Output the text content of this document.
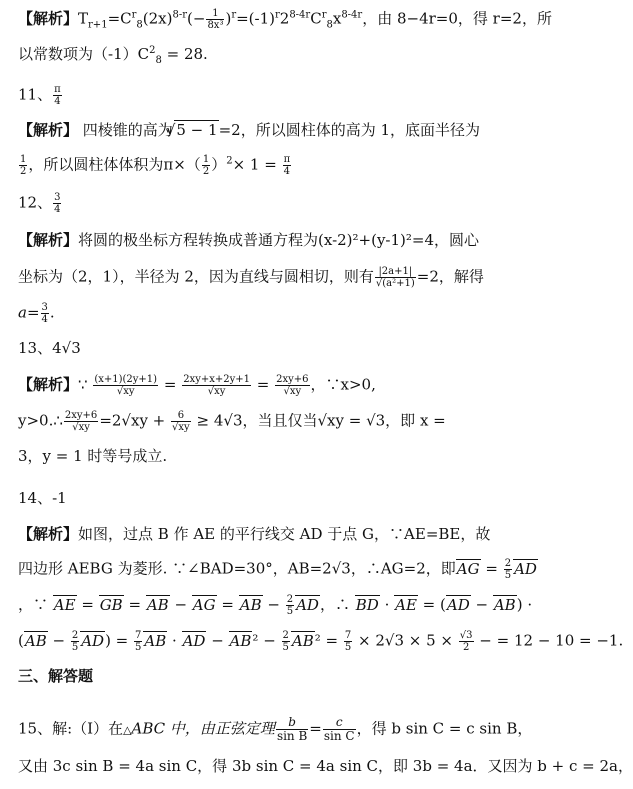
【解析】$T_{r+1}=C^r_8(2x)^{8-r}(- \frac{1}{\text{8x³}} )^r=(-1)^r2^{8-4r}C^r_8x^{8-4r}$，由 8−4r=0，得 r=2，所
以常数项为$(-1)C^2_8 = 28$.
11、 $\frac{\pi}{4}$
【解析】 四棱锥的高为√ 5 − 1=2，所以圆柱体的高为 1，底面半径为
$\frac{1}{2}$ ，所以圆柱体体积为$\pi\times( \frac{1}{2} )^2\times 1 = \frac{\pi}{4}$
12、 $\frac{3}{4}$
【解析】将圆的极坐标方程转换成普通方程为(x-2)²+(y-1)²=4，圆心
坐标为（2，1），半径为 2，因为直线与圆相切，则有 $\frac{|2a+1|}{\text{√(a²+1)}} =2$，解得
$a= \frac{3}{4}$ .
13、4√3
【解析】∵ $\frac{(x+1)(2y+1)}{√xy} = \frac{2xy+x+2y+1}{√xy} = \frac{2xy+6}{√xy}$ ，∵x>0,
y>0.∴ $\frac{2xy+6}{√xy} =2√xy + \frac{6}{√xy} \ge 4√3$，当且仅当√xy = √3，即 x =
3，y = 1 时等号成立.
14、-1
【解析】如图，过点 B 作 AE 的平行线交 AD 于点 G，∵AE=BE，故
四边形 AEBG 为菱形. ∵∠BAD=30°，AB=2√3，∴AG=2，即AG = $\frac{2}{5}$ AD
，∵ AE = GB = AB − AG = AB − $\frac{2}{5}$ AD，∴ BD · AE = (AD − AB) ·
$(AB - \frac{2}{5} AD) = \frac{7}{5}$ AB · AD − $AB^2 - \frac{2}{5} AB^2 = \frac{7}{5} \times 2√3 \times 5 \times \frac{√3}{2}$ − = 12 − 10 = −1.
三、解答题
15、解:（Ⅰ）在△ABC 中，由正弦定理 $\frac{b}{\text{sin B}} = \frac{c}{\text{sin C}}$ ，得 b sin C = c sin B，
又由 3c sin B = 4a sin C，得 3b sin C = 4a sin C，即 3b = 4a．又因为 b + c = 2a，
